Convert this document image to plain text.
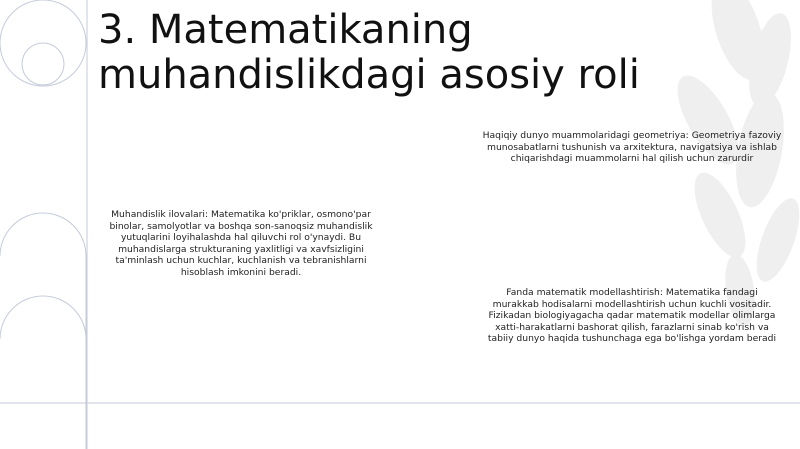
3. Matematikaning
muhandislikdagi asosiy roli

Haqiqiy dunyo muammolaridagi geometriya: Geometriya fazoviy munosabatlarni tushunish va arxitektura, navigatsiya va ishlab chiqarishdagi muammolarni hal qilish uchun zarurdir

Muhandislik ilovalari: Matematika ko'priklar, osmono'par binolar, samolyotlar va boshqa son-sanoqsiz muhandislik yutuqlarini loyihalashda hal qiluvchi rol o'ynaydi. Bu muhandislarga strukturaning yaxlitligi va xavfsizligini ta'minlash uchun kuchlar, kuchlanish va tebranishlarni hisoblash imkonini beradi.

Fanda matematik modellashtirish: Matematika fandagi murakkab hodisalarni modellashtirish uchun kuchli vositadir. Fizikadan biologiyagacha qadar matematik modellar olimlarga xatti-harakatlarni bashorat qilish, farazlarni sinab ko'rish va tabiiy dunyo haqida tushunchaga ega bo'lishga yordam beradi
